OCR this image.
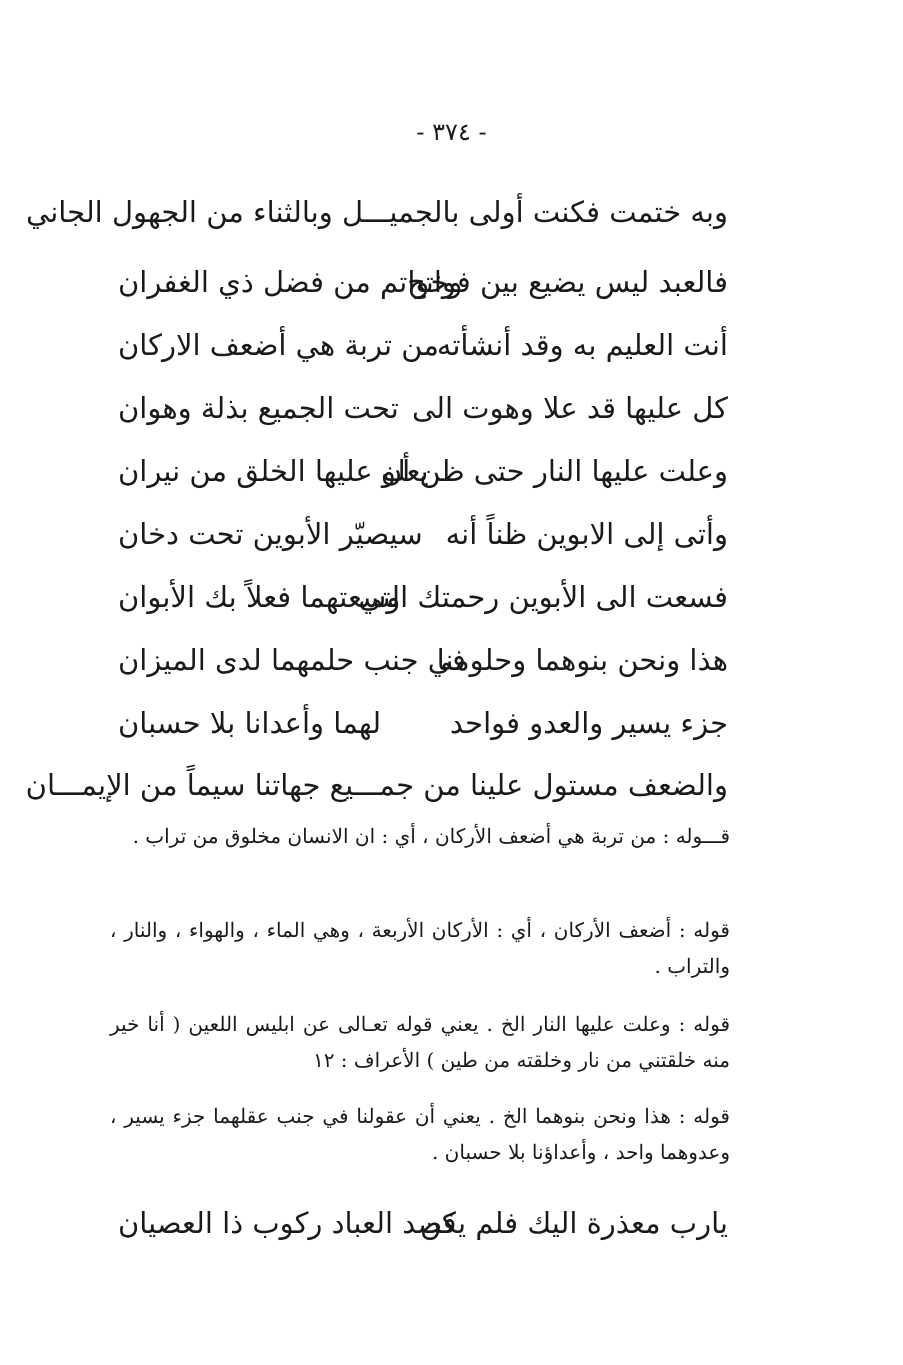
- ٣٧٤ -
وبه ختمت فكنت أولى بالجميـــل وبالثناء من الجهول الجاني
فالعبد ليس يضيع بين فواتح
وخواتم من فضل ذي الغفران
أنت العليم به وقد أنشأته
من تربة هي أضعف الاركان
كل عليها قد علا وهوت الى
تحت الجميع بذلة وهوان
وعلت عليها النار حتى ظن أن
يعلو عليها الخلق من نيران
وأتى إلى الابوين ظناً أنه
سيصيّر الأبوين تحت دخان
فسعت الى الأبوين رحمتك التي
وسعتهما فعلاً بك الأبوان
هذا ونحن بنوهما وحلومنا
في جنب حلمهما لدى الميزان
جزء يسير والعدو فواحد
لهما وأعدانا بلا حسبان
والضعف مستول علينا من جمـــيع جهاتنا سيماً من الإيمـــان

قـــوله : من تربة هي أضعف الأركان ، أي : ان الانسان مخلوق من تراب .

قوله : أضعف الأركان ، أي : الأركان الأربعة ، وهي الماء ، والهواء ، والنار ، والتراب .

قوله : وعلت عليها النار الخ . يعني قوله تعـالى عن ابليس اللعين ( أنا خير منه خلقتني من نار وخلقته من طين ) الأعراف : ١٢

قوله : هذا ونحن بنوهما الخ . يعني أن عقولنا في جنب عقلهما جزء يسير ، وعدوهما واحد ، وأعداؤنا بلا حسبان .

يارب معذرة اليك فلم يكن
قصد العباد ركوب ذا العصيان
